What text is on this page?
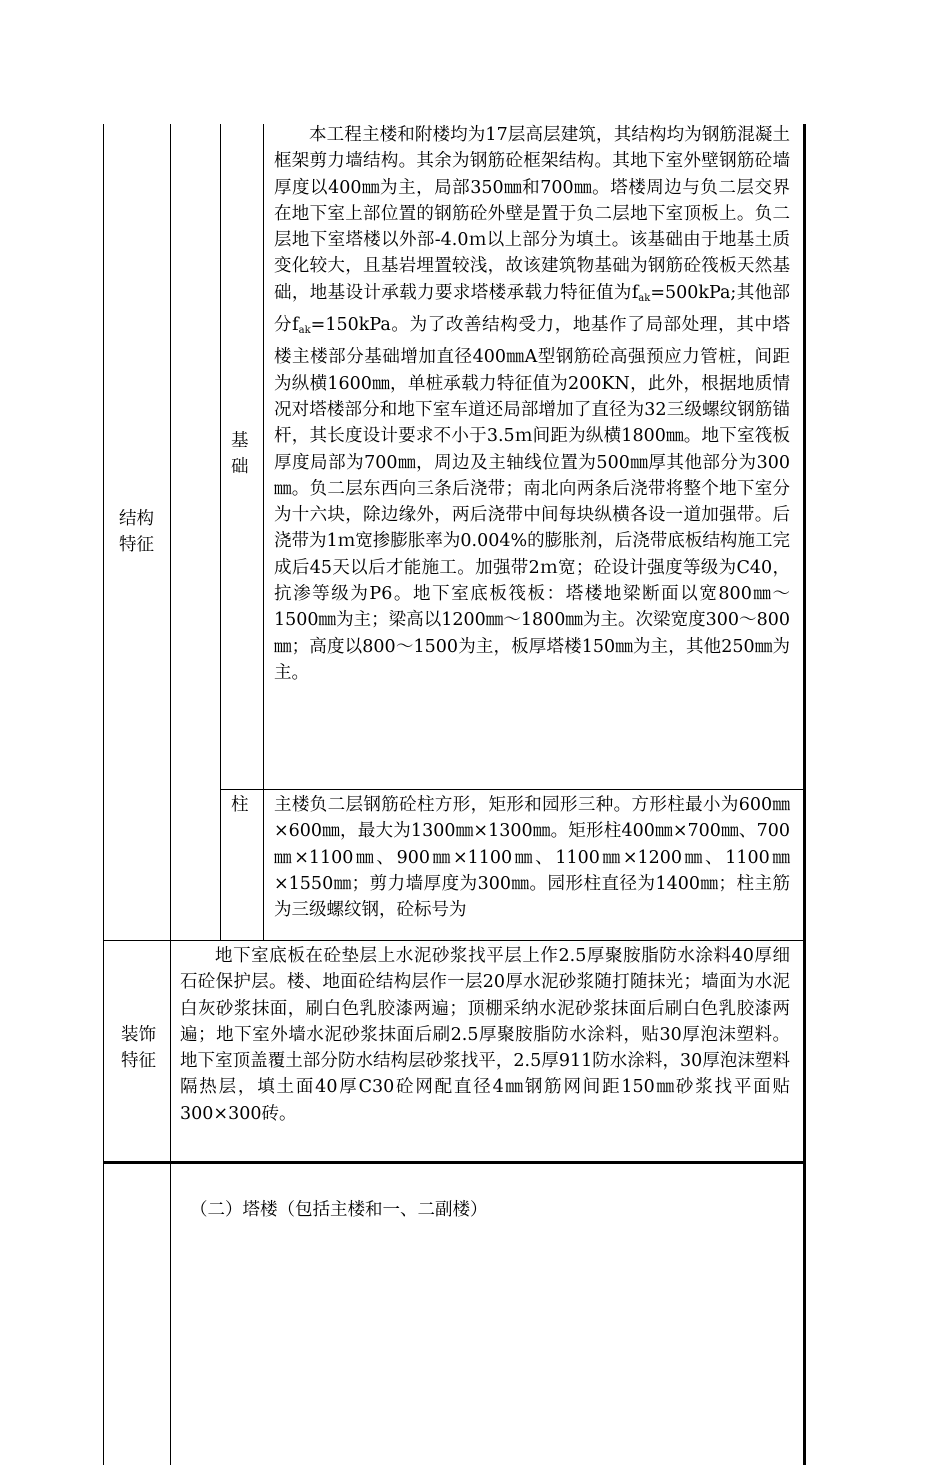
结构
特征
基
础
本工程主楼和附楼均为17层高层建筑，其结构均为钢筋混凝土框架剪力墙结构。其余为钢筋砼框架结构。其地下室外壁钢筋砼墙厚度以400㎜为主，局部350㎜和700㎜。塔楼周边与负二层交界在地下室上部位置的钢筋砼外壁是置于负二层地下室顶板上。负二层地下室塔楼以外部-4.0ｍ以上部分为填土。该基础由于地基土质变化较大，且基岩埋置较浅，故该建筑物基础为钢筋砼筏板天然基础，地基设计承载力要求塔楼承载力特征值为$f_{ak}=500kPa$;其他部分$f_{ak}=150kPa$。为了改善结构受力，地基作了局部处理，其中塔楼主楼部分基础增加直径400㎜A型钢筋砼高强预应力管桩，间距为纵横1600㎜，单桩承载力特征值为200KN，此外，根据地质情况对塔楼部分和地下室车道还局部增加了直径为32三级螺纹钢筋锚杆，其长度设计要求不小于3.5ｍ间距为纵横1800㎜。地下室筏板厚度局部为700㎜，周边及主轴线位置为500㎜厚其他部分为300㎜。负二层东西向三条后浇带；南北向两条后浇带将整个地下室分为十六块，除边缘外，两后浇带中间每块纵横各设一道加强带。后浇带为1ｍ宽掺膨胀率为0.004%的膨胀剂，后浇带底板结构施工完成后45天以后才能施工。加强带2ｍ宽；砼设计强度等级为C40，抗渗等级为P6。地下室底板筏板：塔楼地梁断面以宽800㎜～1500㎜为主；梁高以1200㎜～1800㎜为主。次梁宽度300～800㎜；高度以800～1500为主，板厚塔楼150㎜为主，其他250㎜为主。
柱 主楼负二层钢筋砼柱方形，矩形和园形三种。方形柱最小为600㎜×600㎜，最大为1300㎜×1300㎜。矩形柱400㎜×700㎜、700㎜×1100㎜、900㎜×1100㎜、1100㎜×1200㎜、1100㎜×1550㎜；剪力墙厚度为300㎜。园形柱直径为1400㎜；柱主筋为三级螺纹钢，砼标号为
装饰
特征
地下室底板在砼垫层上水泥砂浆找平层上作2.5厚聚胺脂防水涂料40厚细石砼保护层。楼、地面砼结构层作一层20厚水泥砂浆随打随抹光；墙面为水泥白灰砂浆抹面，刷白色乳胶漆两遍；顶棚采纳水泥砂浆抹面后刷白色乳胶漆两遍；地下室外墙水泥砂浆抹面后刷2.5厚聚胺脂防水涂料，贴30厚泡沫塑料。地下室顶盖覆土部分防水结构层砂浆找平，2.5厚911防水涂料，30厚泡沫塑料隔热层，填土面40厚C30砼网配直径4㎜钢筋网间距150㎜砂浆找平面贴300×300砖。
（二）塔楼（包括主楼和一、二副楼）
